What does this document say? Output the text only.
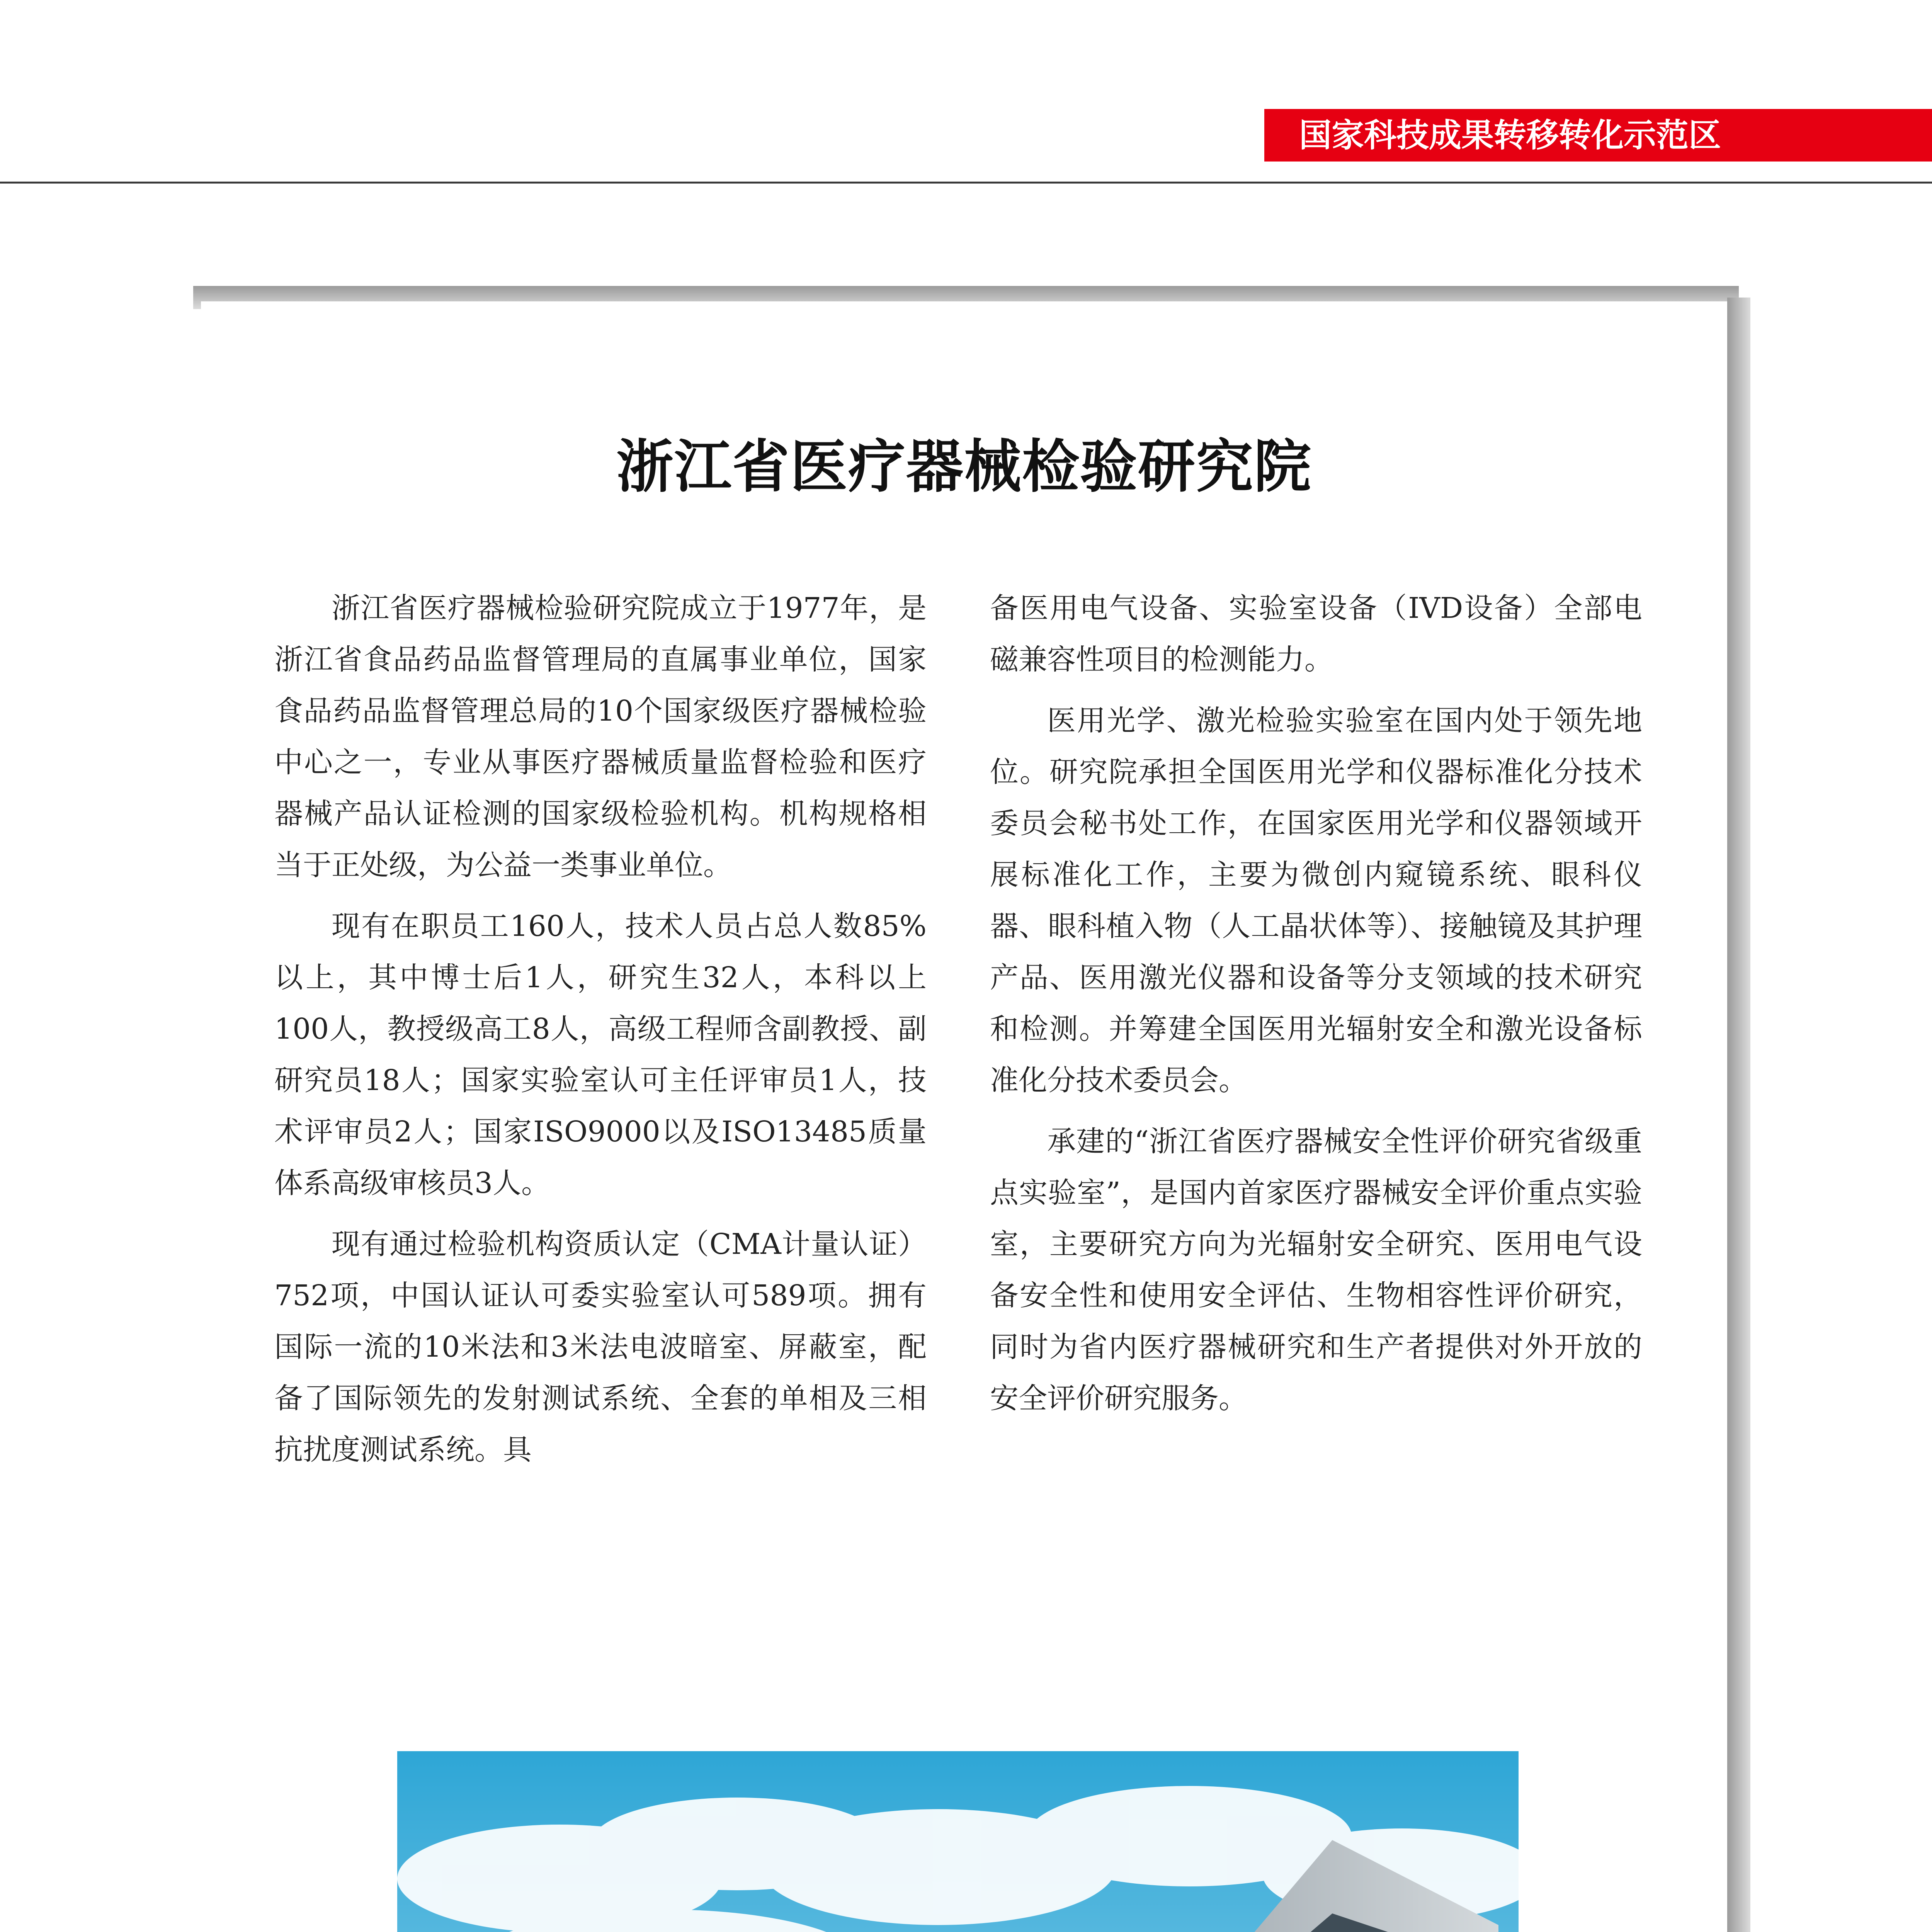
国家科技成果转移转化示范区
浙江省医疗器械检验研究院

浙江省医疗器械检验研究院成立于1977年，是浙江省食品药品监督管理局的直属事业单位，国家食品药品监督管理总局的10个国家级医疗器械检验中心之一，专业从事医疗器械质量监督检验和医疗器械产品认证检测的国家级检验机构。机构规格相当于正处级，为公益一类事业单位。

现有在职员工160人，技术人员占总人数85%以上，其中博士后1人，研究生32人，本科以上100人，教授级高工8人，高级工程师含副教授、副研究员18人；国家实验室认可主任评审员1人，技术评审员2人；国家ISO9000以及ISO13485质量体系高级审核员3人。

现有通过检验机构资质认定（CMA计量认证）752项，中国认证认可委实验室认可589项。拥有国际一流的10米法和3米法电波暗室、屏蔽室，配备了国际领先的发射测试系统、全套的单相及三相抗扰度测试系统。具

备医用电气设备、实验室设备（IVD设备）全部电磁兼容性项目的检测能力。

医用光学、激光检验实验室在国内处于领先地位。研究院承担全国医用光学和仪器标准化分技术委员会秘书处工作，在国家医用光学和仪器领域开展标准化工作，主要为微创内窥镜系统、眼科仪器、眼科植入物（人工晶状体等）、接触镜及其护理产品、医用激光仪器和设备等分支领域的技术研究和检测。并筹建全国医用光辐射安全和激光设备标准化分技术委员会。

承建的“浙江省医疗器械安全性评价研究省级重点实验室”，是国内首家医疗器械安全评价重点实验室，主要研究方向为光辐射安全研究、医用电气设备安全性和使用安全评估、生物相容性评价研究，同时为省内医疗器械研究和生产者提供对外开放的安全评价研究服务。
